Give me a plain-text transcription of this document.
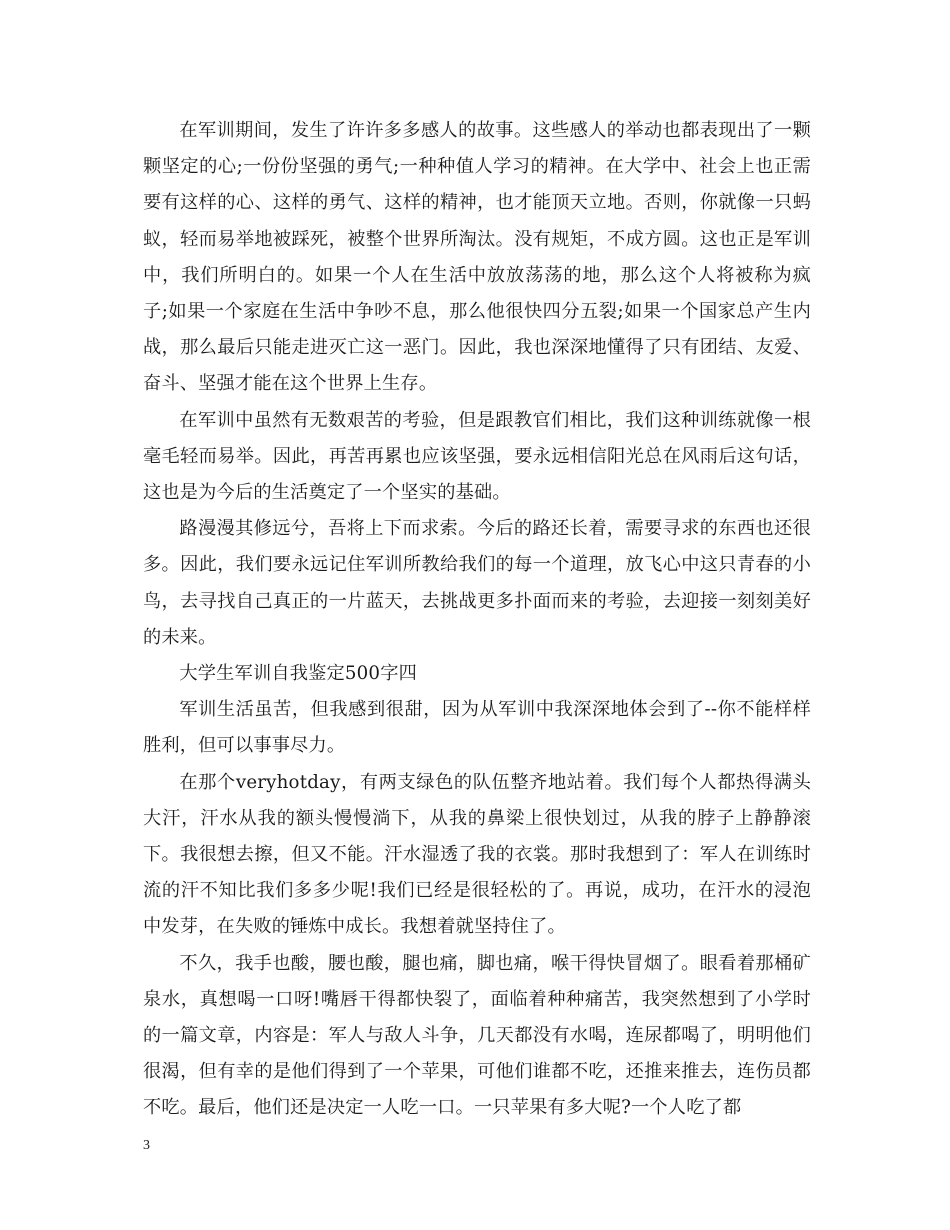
在军训期间，发生了许许多多感人的故事。这些感人的举动也都表现出了一颗颗坚定的心;一份份坚强的勇气;一种种值人学习的精神。在大学中、社会上也正需要有这样的心、这样的勇气、这样的精神，也才能顶天立地。否则，你就像一只蚂蚁，轻而易举地被踩死，被整个世界所淘汰。没有规矩，不成方圆。这也正是军训中，我们所明白的。如果一个人在生活中放放荡荡的地，那么这个人将被称为疯子;如果一个家庭在生活中争吵不息，那么他很快四分五裂;如果一个国家总产生内战，那么最后只能走进灭亡这一恶门。因此，我也深深地懂得了只有团结、友爱、奋斗、坚强才能在这个世界上生存。

在军训中虽然有无数艰苦的考验，但是跟教官们相比，我们这种训练就像一根毫毛轻而易举。因此，再苦再累也应该坚强，要永远相信阳光总在风雨后这句话，这也是为今后的生活奠定了一个坚实的基础。

路漫漫其修远兮，吾将上下而求索。今后的路还长着，需要寻求的东西也还很多。因此，我们要永远记住军训所教给我们的每一个道理，放飞心中这只青春的小鸟，去寻找自己真正的一片蓝天，去挑战更多扑面而来的考验，去迎接一刻刻美好的未来。

大学生军训自我鉴定500字四

军训生活虽苦，但我感到很甜，因为从军训中我深深地体会到了--你不能样样胜利，但可以事事尽力。

在那个veryhotday，有两支绿色的队伍整齐地站着。我们每个人都热得满头大汗，汗水从我的额头慢慢淌下，从我的鼻梁上很快划过，从我的脖子上静静滚下。我很想去擦，但又不能。汗水湿透了我的衣裳。那时我想到了：军人在训练时流的汗不知比我们多多少呢!我们已经是很轻松的了。再说，成功，在汗水的浸泡中发芽，在失败的锤炼中成长。我想着就坚持住了。

不久，我手也酸，腰也酸，腿也痛，脚也痛，喉干得快冒烟了。眼看着那桶矿泉水，真想喝一口呀!嘴唇干得都快裂了，面临着种种痛苦，我突然想到了小学时的一篇文章，内容是：军人与敌人斗争，几天都没有水喝，连尿都喝了，明明他们很渴，但有幸的是他们得到了一个苹果，可他们谁都不吃，还推来推去，连伤员都不吃。最后，他们还是决定一人吃一口。一只苹果有多大呢?一个人吃了都

3
